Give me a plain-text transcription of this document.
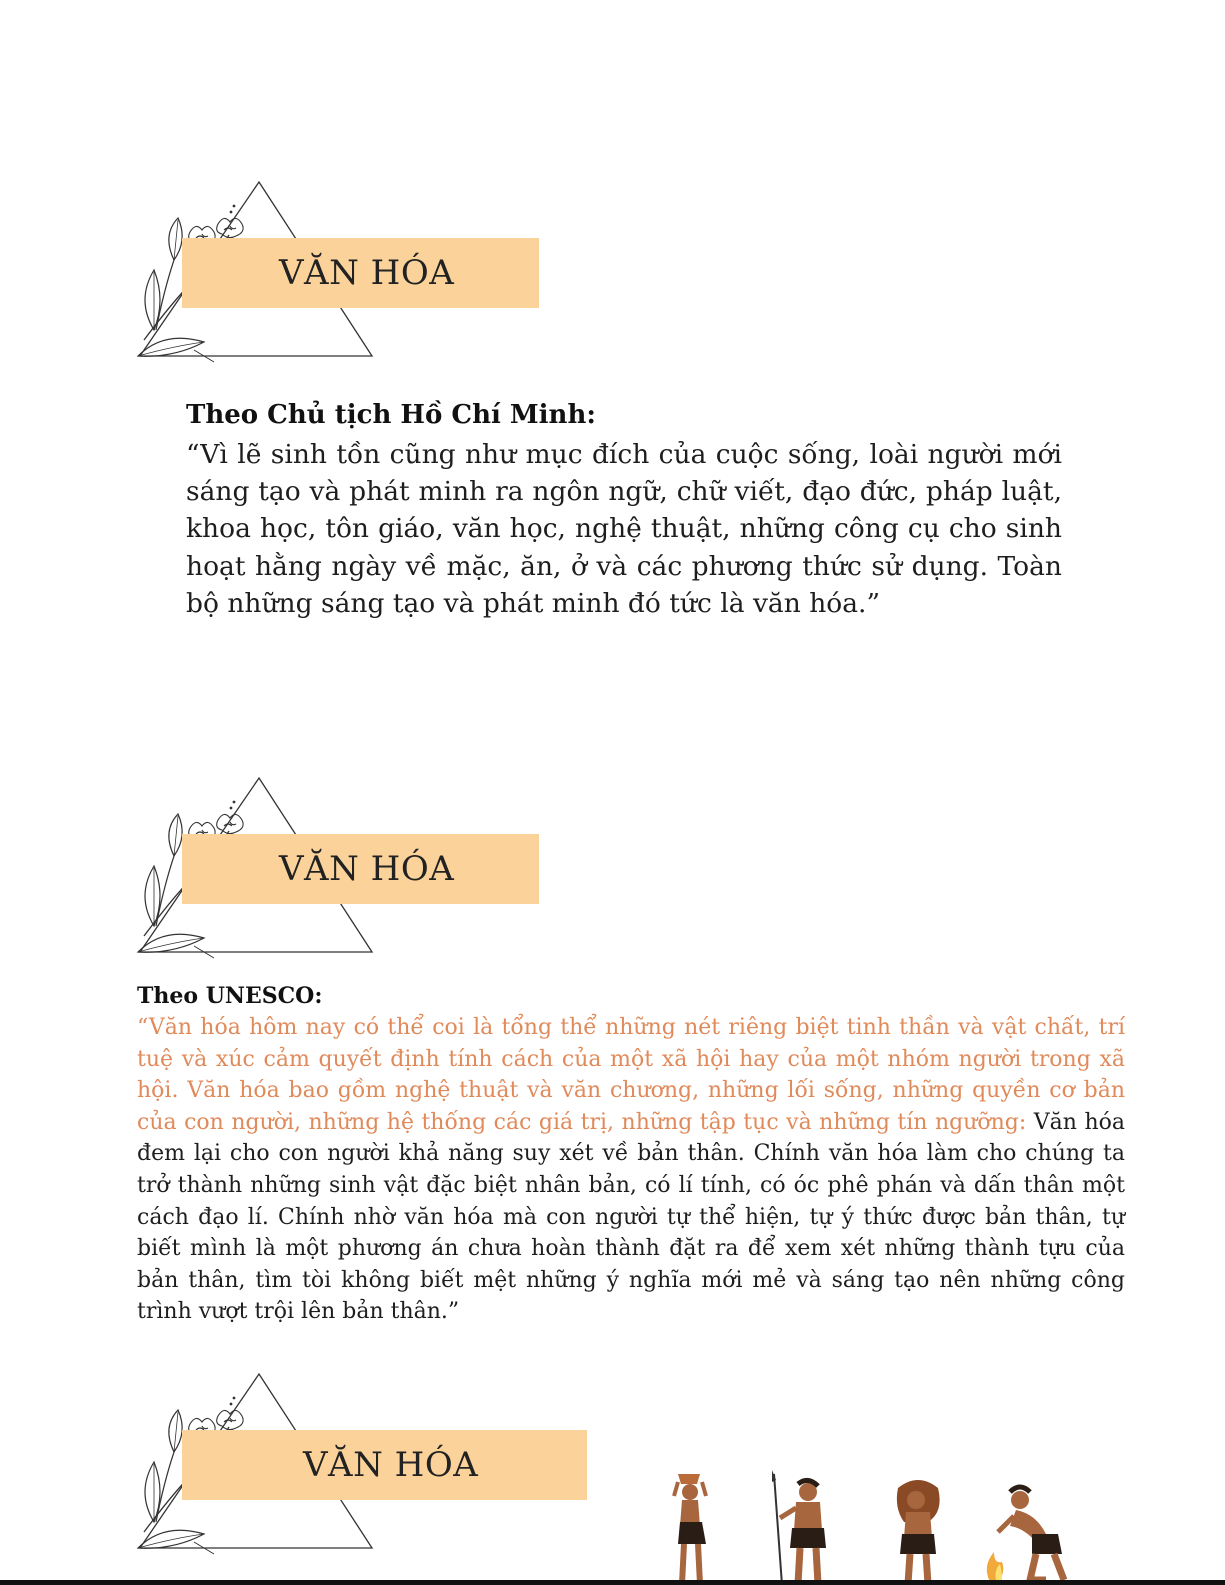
VĂN HÓA
Theo Chủ tịch Hồ Chí Minh:

“Vì lẽ sinh tồn cũng như mục đích của cuộc sống, loài người mới sáng tạo và phát minh ra ngôn ngữ, chữ viết, đạo đức, pháp luật, khoa học, tôn giáo, văn học, nghệ thuật, những công cụ cho sinh hoạt hằng ngày về mặc, ăn, ở và các phương thức sử dụng. Toàn bộ những sáng tạo và phát minh đó tức là văn hóa.”

VĂN HÓA
Theo UNESCO:

“Văn hóa hôm nay có thể coi là tổng thể những nét riêng biệt tinh thần và vật chất, trí tuệ và xúc cảm quyết định tính cách của một xã hội hay của một nhóm người trong xã hội. Văn hóa bao gồm nghệ thuật và văn chương, những lối sống, những quyền cơ bản của con người, những hệ thống các giá trị, những tập tục và những tín ngưỡng: Văn hóa đem lại cho con người khả năng suy xét về bản thân. Chính văn hóa làm cho chúng ta trở thành những sinh vật đặc biệt nhân bản, có lí tính, có óc phê phán và dấn thân một cách đạo lí. Chính nhờ văn hóa mà con người tự thể hiện, tự ý thức được bản thân, tự biết mình là một phương án chưa hoàn thành đặt ra để xem xét những thành tựu của bản thân, tìm tòi không biết mệt những ý nghĩa mới mẻ và sáng tạo nên những công trình vượt trội lên bản thân.”

VĂN HÓA
